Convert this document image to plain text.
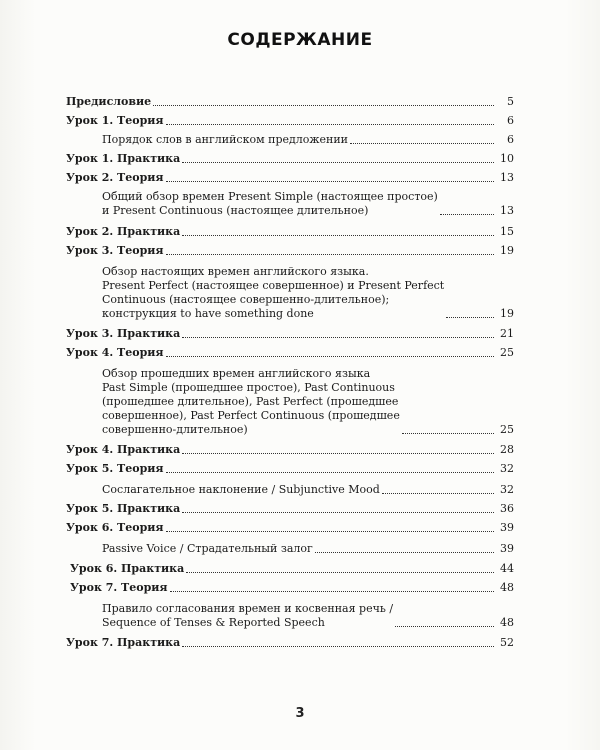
СОДЕРЖАНИЕ
Предисловие	5
Урок 1. Теория	6
Порядок слов в английском предложении	6
Урок 1. Практика	10
Урок 2. Теория	13
Общий обзор времен Present Simple (настоящее простое)
и Present Continuous (настоящее длительное)	13
Урок 2. Практика	15
Урок 3. Теория	19
Обзор настоящих времен английского языка.
Present Perfect (настоящее совершенное) и Present Perfect
Continuous (настоящее совершенно-длительное);
конструкция to have something done	19
Урок 3. Практика	21
Урок 4. Теория	25
Обзор прошедших времен английского языка
Past Simple (прошедшее простое), Past Continuous
(прошедшее длительное), Past Perfect (прошедшее
совершенное), Past Perfect Continuous (прошедшее
совершенно-длительное)	25
Урок 4. Практика	28
Урок 5. Теория	32
Сослагательное наклонение / Subjunctive Mood	32
Урок 5. Практика	36
Урок 6. Теория	39
Passive Voice / Страдательный залог	39
Урок 6. Практика	44
Урок 7. Теория	48
Правило согласования времен и косвенная речь /
Sequence of Tenses & Reported Speech	48
Урок 7. Практика	52
3
